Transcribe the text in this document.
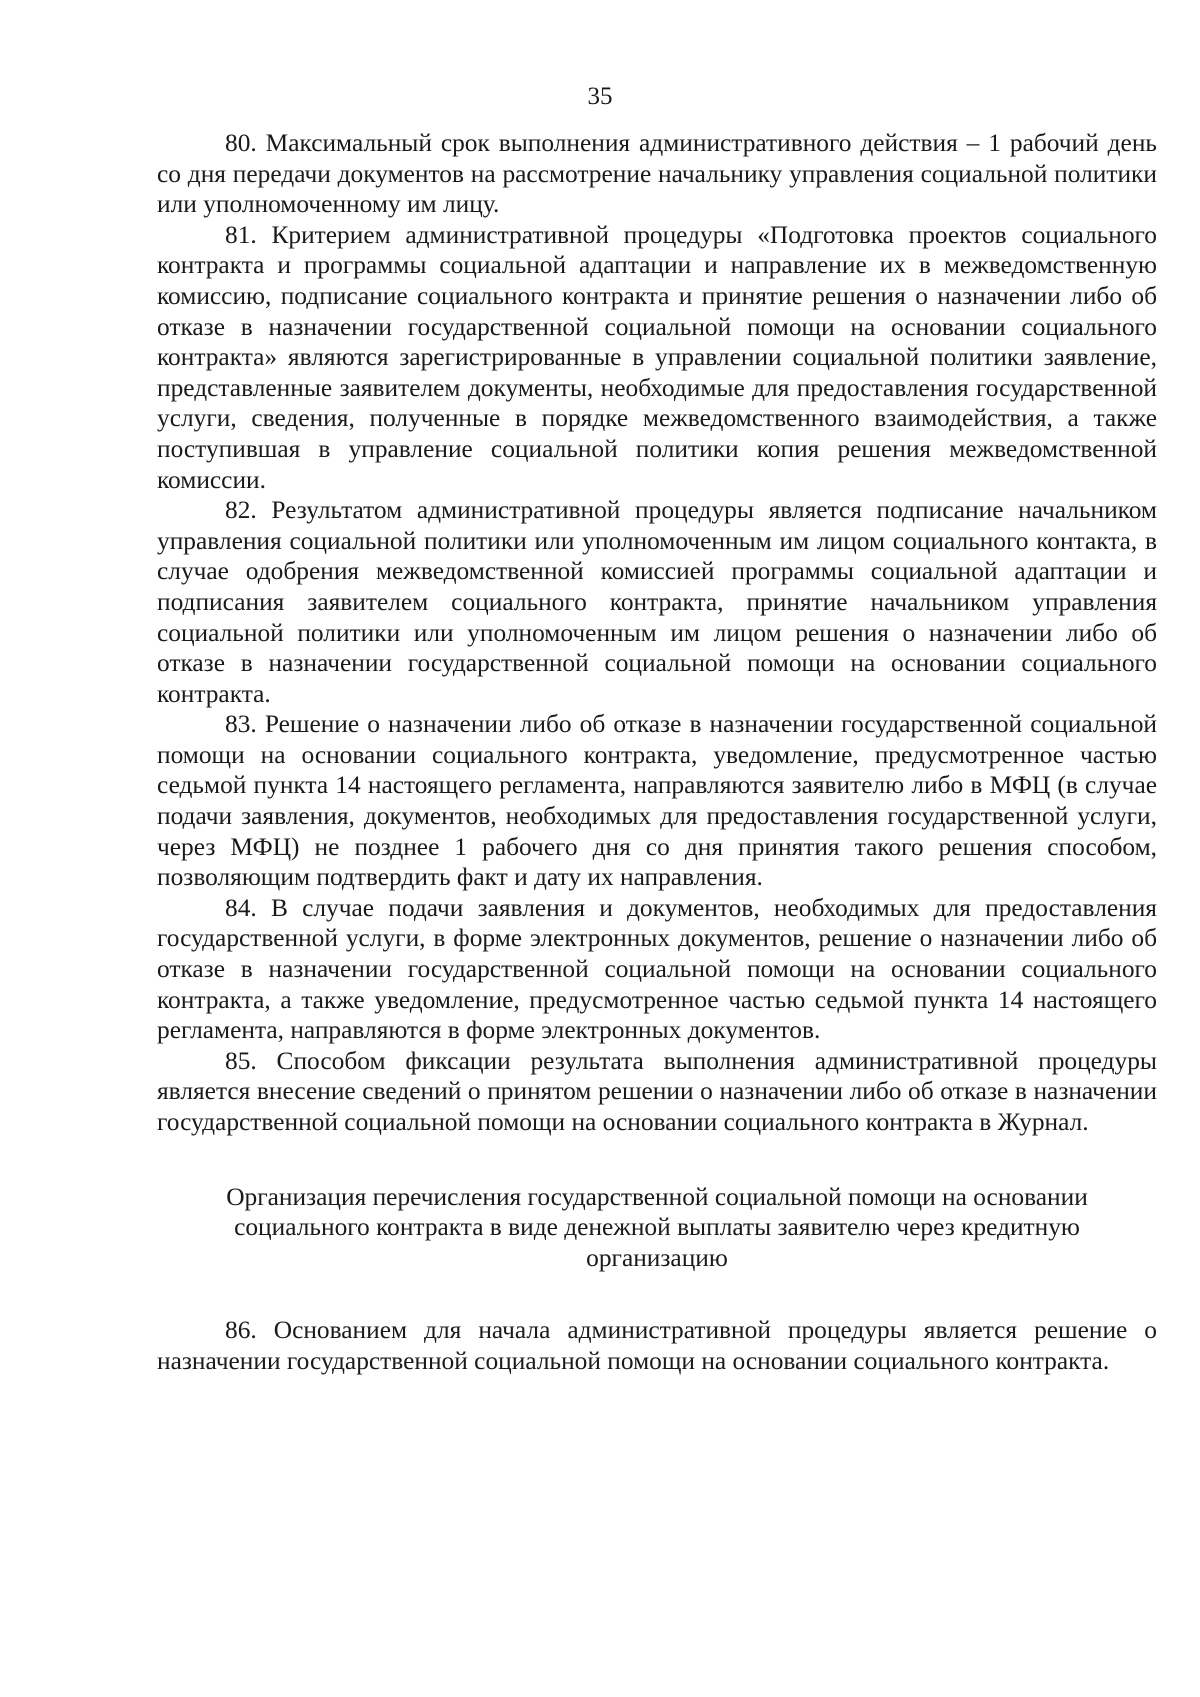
35

80. Максимальный срок выполнения административного действия – 1 рабочий день со дня передачи документов на рассмотрение начальнику управления социальной политики или уполномоченному им лицу.

81. Критерием административной процедуры «Подготовка проектов социального контракта и программы социальной адаптации и направление их в межведомственную комиссию, подписание социального контракта и принятие решения о назначении либо об отказе в назначении государственной социальной помощи на основании социального контракта» являются зарегистрированные в управлении социальной политики заявление, представленные заявителем документы, необходимые для предоставления государственной услуги, сведения, полученные в порядке межведомственного взаимодействия, а также поступившая в управление социальной политики копия решения межведомственной комиссии.

82. Результатом административной процедуры является подписание начальником управления социальной политики или уполномоченным им лицом социального контакта, в случае одобрения межведомственной комиссией программы социальной адаптации и подписания заявителем социального контракта, принятие начальником управления социальной политики или уполномоченным им лицом решения о назначении либо об отказе в назначении государственной социальной помощи на основании социального контракта.

83. Решение о назначении либо об отказе в назначении государственной социальной помощи на основании социального контракта, уведомление, предусмотренное частью седьмой пункта 14 настоящего регламента, направляются заявителю либо в МФЦ (в случае подачи заявления, документов, необходимых для предоставления государственной услуги, через МФЦ) не позднее 1 рабочего дня со дня принятия такого решения способом, позволяющим подтвердить факт и дату их направления.

84. В случае подачи заявления и документов, необходимых для предоставления государственной услуги, в форме электронных документов, решение о назначении либо об отказе в назначении государственной социальной помощи на основании социального контракта, а также уведомление, предусмотренное частью седьмой пункта 14 настоящего регламента, направляются в форме электронных документов.

85. Способом фиксации результата выполнения административной процедуры является внесение сведений о принятом решении о назначении либо об отказе в назначении государственной социальной помощи на основании социального контракта в Журнал.

Организация перечисления государственной социальной помощи на основании социального контракта в виде денежной выплаты заявителю через кредитную организацию

86. Основанием для начала административной процедуры является решение о назначении государственной социальной помощи на основании социального контракта.
